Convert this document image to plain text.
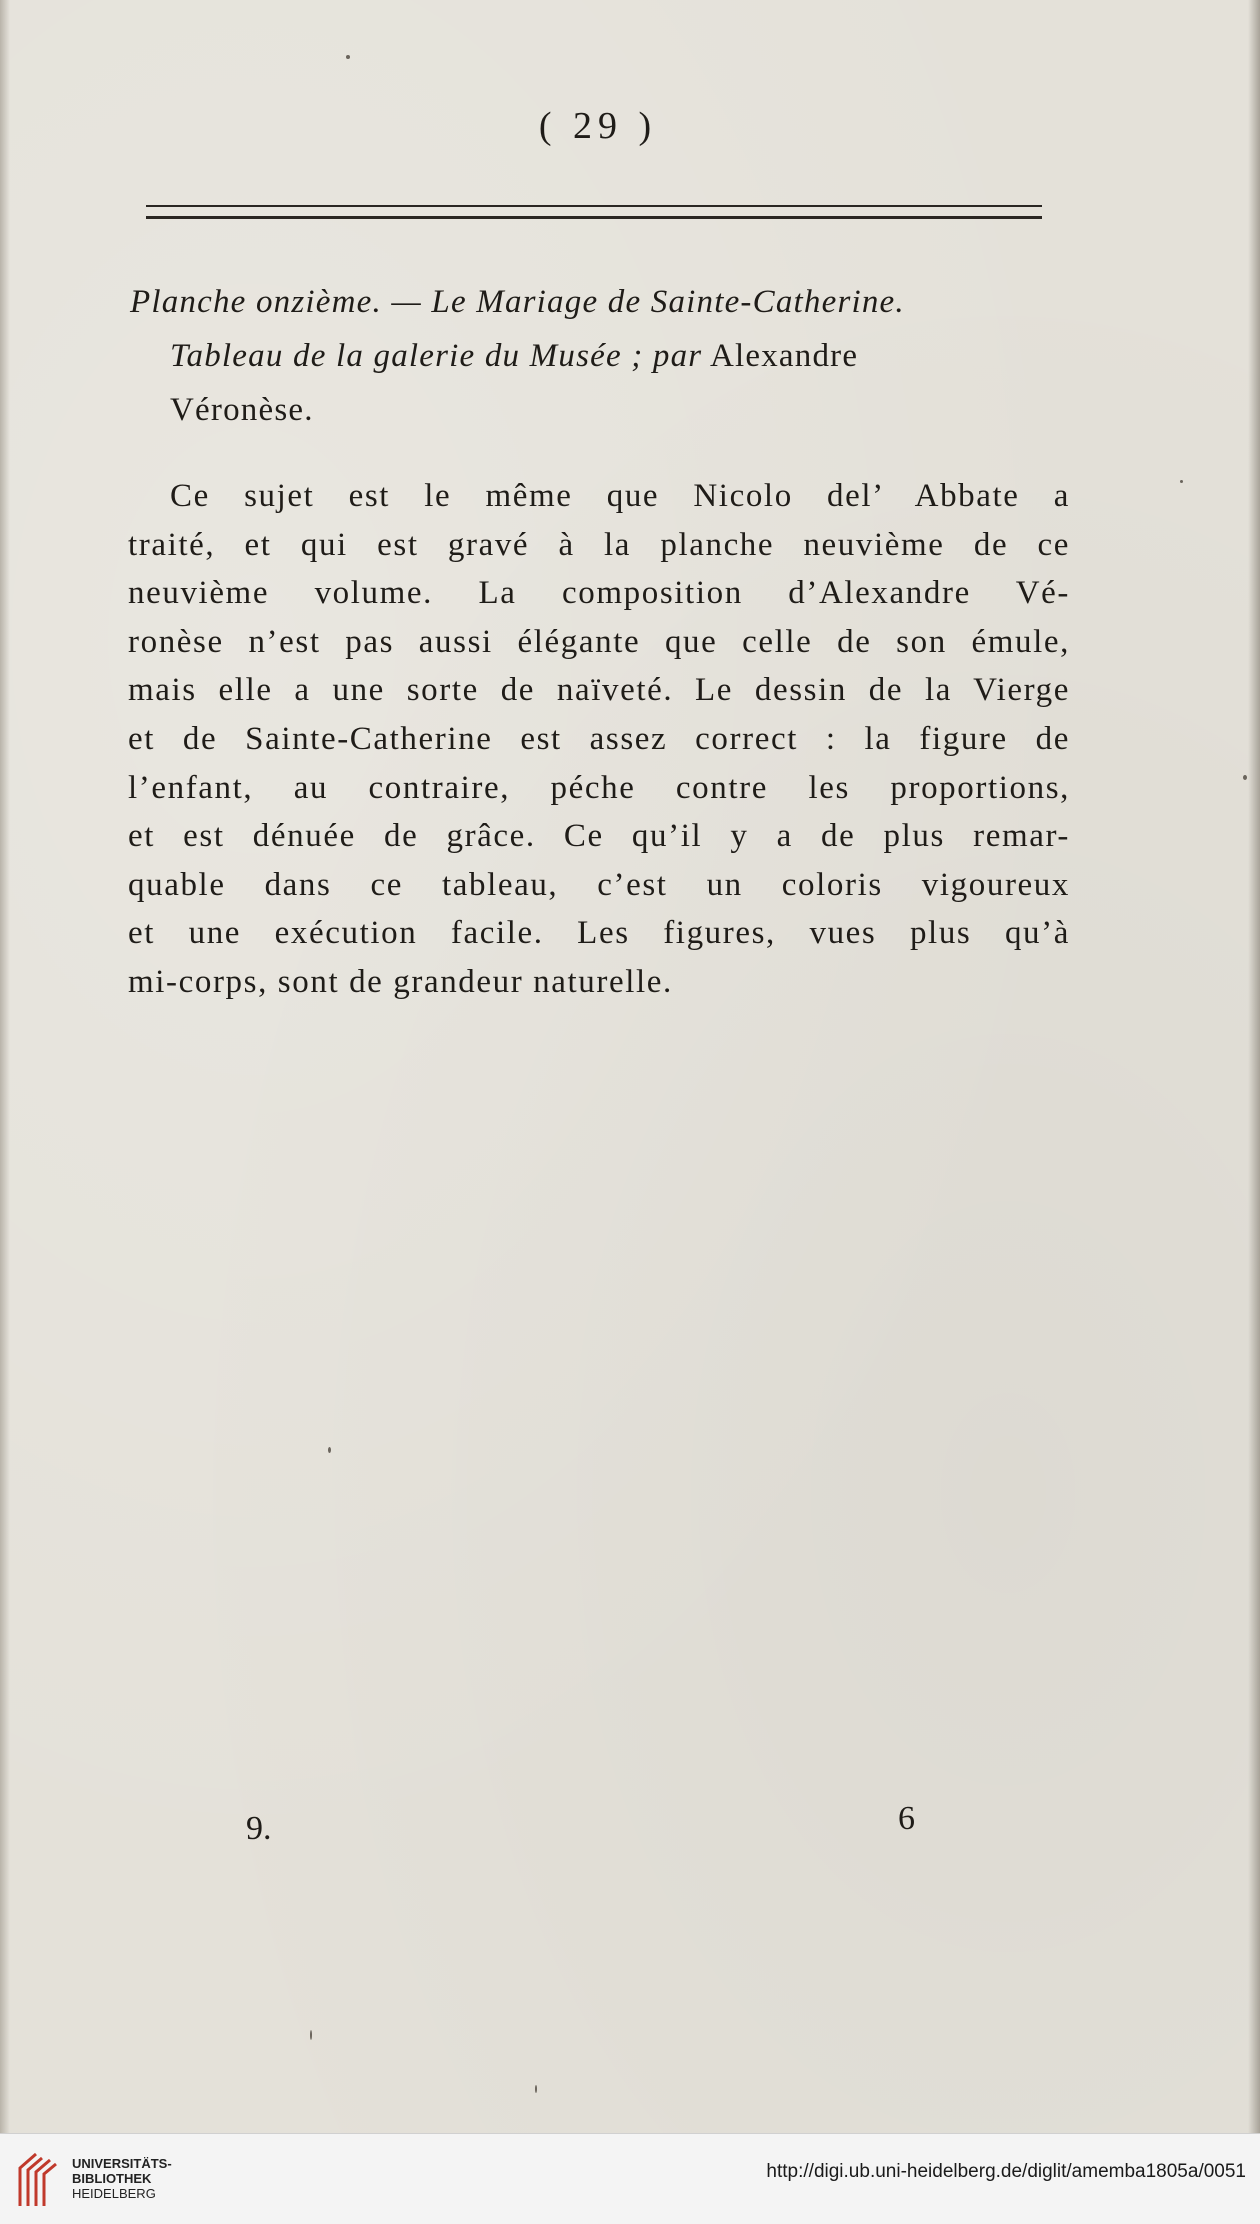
( 29 )
Planche onzième. — Le Mariage de Sainte-Catherine.
Tableau de la galerie du Musée ; par Alexandre
Véronèse.
Ce sujet est le même que Nicolo del’ Abbate a
traité, et qui est gravé à la planche neuvième de ce
neuvième volume. La composition d’Alexandre Vé-
ronèse n’est pas aussi élégante que celle de son émule,
mais elle a une sorte de naïveté. Le dessin de la Vierge
et de Sainte-Catherine est assez correct : la figure de
l’enfant, au contraire, péche contre les proportions,
et est dénuée de grâce. Ce qu’il y a de plus remar-
quable dans ce tableau, c’est un coloris vigoureux
et une exécution facile. Les figures, vues plus qu’à
mi-corps, sont de grandeur naturelle.
9.	6
UNIVERSITÄTS-
BIBLIOTHEK
HEIDELBERG
http://digi.ub.uni-heidelberg.de/diglit/amemba1805a/0051
